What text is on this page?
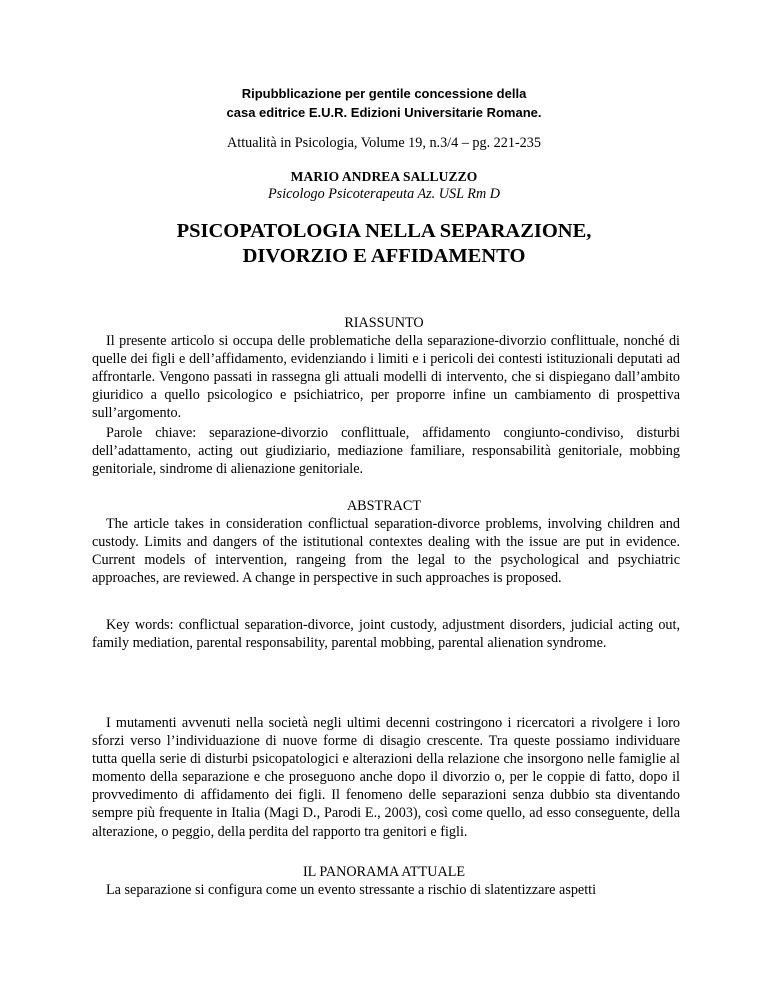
Ripubblicazione per gentile concessione della
casa editrice E.U.R. Edizioni Universitarie Romane.
Attualità in Psicologia, Volume 19, n.3/4 – pg. 221-235
MARIO ANDREA SALLUZZO
Psicologo Psicoterapeuta Az. USL Rm D
PSICOPATOLOGIA NELLA SEPARAZIONE,
DIVORZIO E AFFIDAMENTO
RIASSUNTO

Il presente articolo si occupa delle problematiche della separazione-divorzio conflittuale, nonché di quelle dei figli e dell’affidamento, evidenziando i limiti e i pericoli dei contesti istituzionali deputati ad affrontarle. Vengono passati in rassegna gli attuali modelli di intervento, che si dispiegano dall’ambito giuridico a quello psicologico e psichiatrico, per proporre infine un cambiamento di prospettiva sull’argomento.

Parole chiave: separazione-divorzio conflittuale, affidamento congiunto-condiviso, disturbi dell’adattamento, acting out giudiziario, mediazione familiare, responsabilità genitoriale, mobbing genitoriale, sindrome di alienazione genitoriale.

ABSTRACT

The article takes in consideration conflictual separation-divorce problems, involving children and custody. Limits and dangers of the istitutional contextes dealing with the issue are put in evidence. Current models of intervention, rangeing from the legal to the psychological and psychiatric approaches, are reviewed. A change in perspective in such approaches is proposed.

Key words: conflictual separation-divorce, joint custody, adjustment disorders, judicial acting out, family mediation, parental responsability, parental mobbing, parental alienation syndrome.

I mutamenti avvenuti nella società negli ultimi decenni costringono i ricercatori a rivolgere i loro sforzi verso l’individuazione di nuove forme di disagio crescente. Tra queste possiamo individuare tutta quella serie di disturbi psicopatologici e alterazioni della relazione che insorgono nelle famiglie al momento della separazione e che proseguono anche dopo il divorzio o, per le coppie di fatto, dopo il provvedimento di affidamento dei figli. Il fenomeno delle separazioni senza dubbio sta diventando sempre più frequente in Italia (Magi D., Parodi E., 2003), così come quello, ad esso conseguente, della alterazione, o peggio, della perdita del rapporto tra genitori e figli.

IL PANORAMA ATTUALE

La separazione si configura come un evento stressante a rischio di slatentizzare aspetti
